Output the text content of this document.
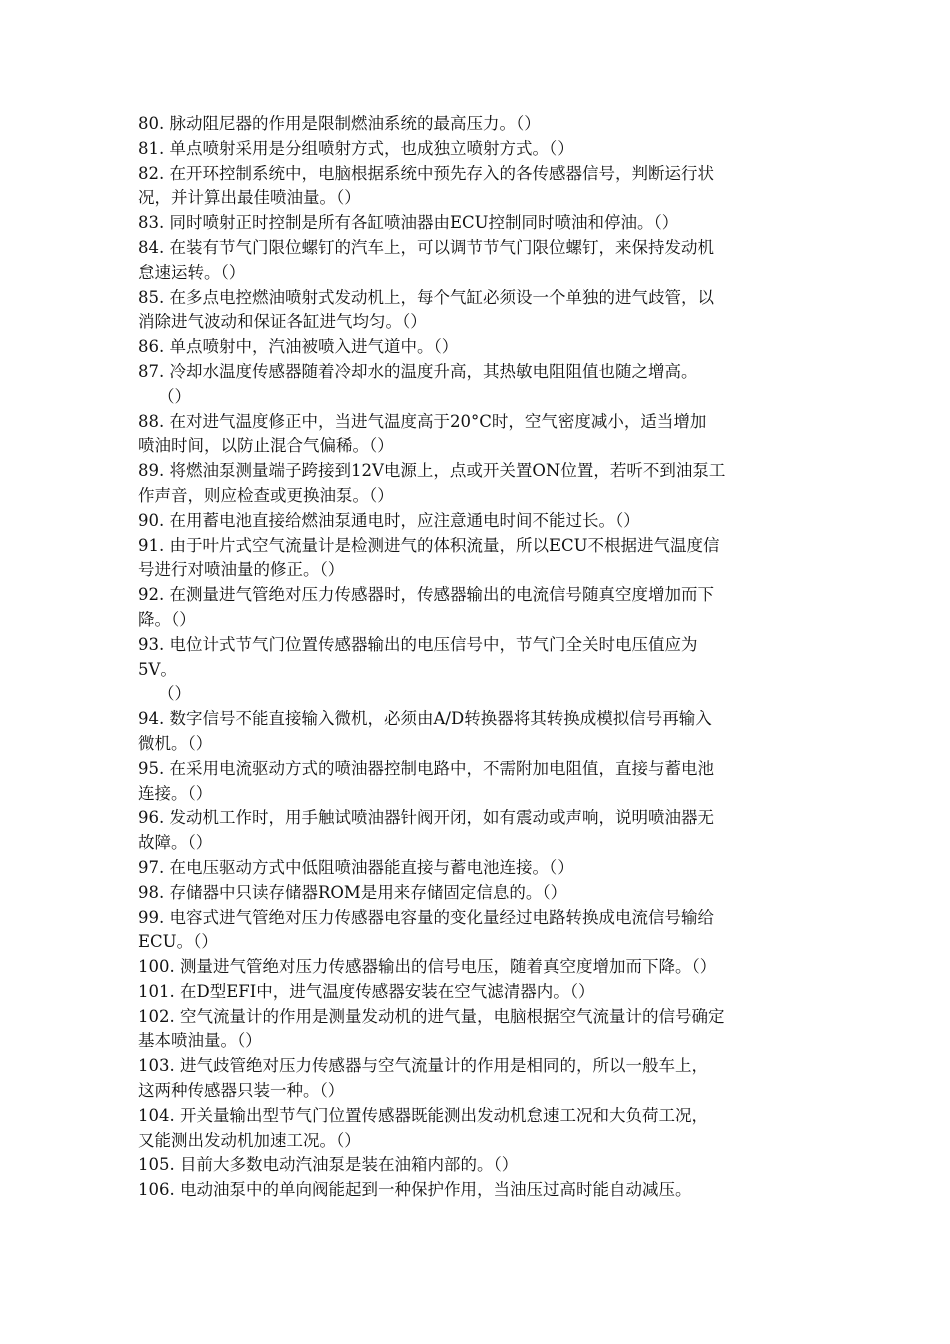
80. 脉动阻尼器的作用是限制燃油系统的最高压力。（）
81. 单点喷射采用是分组喷射方式，也成独立喷射方式。（）
82. 在开环控制系统中，电脑根据系统中预先存入的各传感器信号，判断运行状
况，并计算出最佳喷油量。（）
83. 同时喷射正时控制是所有各缸喷油器由ECU控制同时喷油和停油。（）
84. 在装有节气门限位螺钉的汽车上，可以调节节气门限位螺钉，来保持发动机
怠速运转。（）
85. 在多点电控燃油喷射式发动机上，每个气缸必须设一个单独的进气歧管，以
消除进气波动和保证各缸进气均匀。（）
86. 单点喷射中，汽油被喷入进气道中。（）
87. 冷却水温度传感器随着冷却水的温度升高，其热敏电阻阻值也随之增高。
（）
88. 在对进气温度修正中，当进气温度高于20°C时，空气密度减小，适当增加
喷油时间，以防止混合气偏稀。（）
89. 将燃油泵测量端子跨接到12V电源上，点或开关置ON位置，若听不到油泵工
作声音，则应检查或更换油泵。（）
90. 在用蓄电池直接给燃油泵通电时，应注意通电时间不能过长。（）
91. 由于叶片式空气流量计是检测进气的体积流量，所以ECU不根据进气温度信
号进行对喷油量的修正。（）
92. 在测量进气管绝对压力传感器时，传感器输出的电流信号随真空度增加而下
降。（）
93. 电位计式节气门位置传感器输出的电压信号中，节气门全关时电压值应为
5V。
（）
94. 数字信号不能直接输入微机，必须由A/D转换器将其转换成模拟信号再输入
微机。（）
95. 在采用电流驱动方式的喷油器控制电路中，不需附加电阻值，直接与蓄电池
连接。（）
96. 发动机工作时，用手触试喷油器针阀开闭，如有震动或声响，说明喷油器无
故障。（）
97. 在电压驱动方式中低阻喷油器能直接与蓄电池连接。（）
98. 存储器中只读存储器ROM是用来存储固定信息的。（）
99. 电容式进气管绝对压力传感器电容量的变化量经过电路转换成电流信号输给
ECU。（）
100. 测量进气管绝对压力传感器输出的信号电压，随着真空度增加而下降。（）
101. 在D型EFI中，进气温度传感器安装在空气滤清器内。（）
102. 空气流量计的作用是测量发动机的进气量，电脑根据空气流量计的信号确定
基本喷油量。（）
103. 进气歧管绝对压力传感器与空气流量计的作用是相同的，所以一般车上，
这两种传感器只装一种。（）
104. 开关量输出型节气门位置传感器既能测出发动机怠速工况和大负荷工况，
又能测出发动机加速工况。（）
105. 目前大多数电动汽油泵是装在油箱内部的。（）
106. 电动油泵中的单向阀能起到一种保护作用，当油压过高时能自动减压。
